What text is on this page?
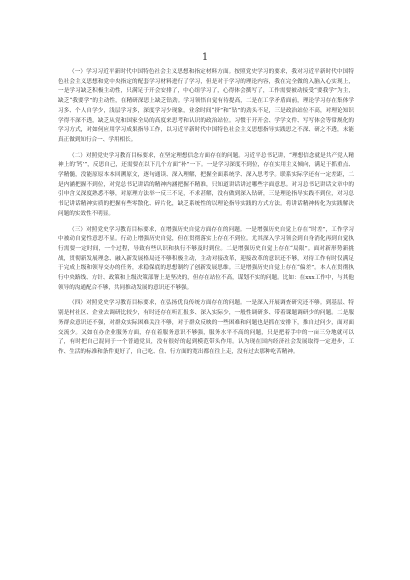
1

（一）学习习近平新时代中国特色社会主义思想和指定材料方面。按照党史学习的要求，我对习近平新时代中国特色社会主义思想和党中央指定的配套学习材料进行了学习，但是对于学习的理论内容，我在完全做的入脑入心实现上，一是学习缺乏积极主动性，只满足于开会安排了，中心组学习了，心得体会撰写了，工作需要被动接受“要我学”为主，缺乏“我要学”的主动性，在精研深思上缺乏钻劲。学习领悟自觉有待提高，二是在工学矛盾面前，理论学习存在集体学习多、个人自学少，浅层学习多，深度学习少现象，业余时间“挤”和“钻”的劲头不足，三是政治站位不高，对理论知识学得不深不透，缺乏从党和国家全局的高度来思考和认识的政治站位。习惯于开开会、学学文件、写写体会等常规化的学习方式，对如何应用学习成果指导工作，以习近平新时代中国特色社会主义思想指导实践思之不深、研之不透，未能真正做到知行合一、学用相长。

（二）对照党史学习教育目标要求，在坚定理想信念方面存在的问题。习近平总书记讲，“理想信念就是共产党人精神上的‘钙’”，反思自己，还需要在以下几个方面“补”一下。一是学习深度不到位，存在实用主义倾向，满足于抓重点、学精髓，没能原原本本回溯原文，逐句通读、深入理解，把握全面系统学、深入思考学。联系实际学还有一定差距，二是内涵把握不到位，对党总书记讲话的精神内涵把握不精准，只知道讲话讲过哪些字面意思。对习总书记讲话文章中的引申含义深度熟悉不够，对原理方法举一反三不足，不求甚解，没有做到深入钻研，三是理论指导实践不到位，对习总书记讲话精神实质的把握有些零散化、碎片化，缺乏系统性的以理论指导实践的方式方法。将讲话精神转化为实践解决问题的实效性不明显。

（三）对照党史学习教育目标要求，在增强历史自觉方面存在的问题。一是增强历史自觉上存在“时差”，工作学习中被动自觉性意思不显。行动上增强历史自觉，但在贯彻落实上存在不到位。尤其深入学习领会到自身消化再到自觉执行需要一定时间，一个过程，导致有些认识和执行不够及时到位。二是增强历史自觉上存在“局限”。面对新形势新挑战，贯彻新发展理念、融入新发展格局还不够积极主动，主动对接改革，迎接改革的意识还不够，对待工作有时仅满足于完成上级和领导交办的任务，求稳保底的思想制约了创新发展思维。三是增强历史自觉上存在“偏差”。本人在贯彻执行中央路线、方针、政策和上级决策部署上是坚决的，但存在站位不高，谋划不实的问题。比如：在xxx工作中，与其他领导的沟通配合不够，共同推动发展的意识还不够强。

（四）对照党史学习教育目标要求，在弘扬优良传统方面存在的问题。一是深入开展调查研究还不够。到基层、特别是村社区、企业去调研比较少，有时还存在听汇报多、深入实际少，一般性调研多、带着课题调研少的问题。二是服务群众意识还不强，对群众实际困难关注不够，对于群众反映的一些困难和问题也是抓在安排下，推自过问少，面对面交流少。又如在办企业服务方面，存在着服务意识不够强，服务水平不高的问题，只是把着手中的一亩三分地就可以了，有时把自己混同于一个普通党员，没有很好的起到模范带头作用。认为现在国内经济社会发展取得一定进步，工作、生活的标准和条件更好了，自己吃、住、行方面的宽出都在往上走，没有过去那种吃苦精神。
